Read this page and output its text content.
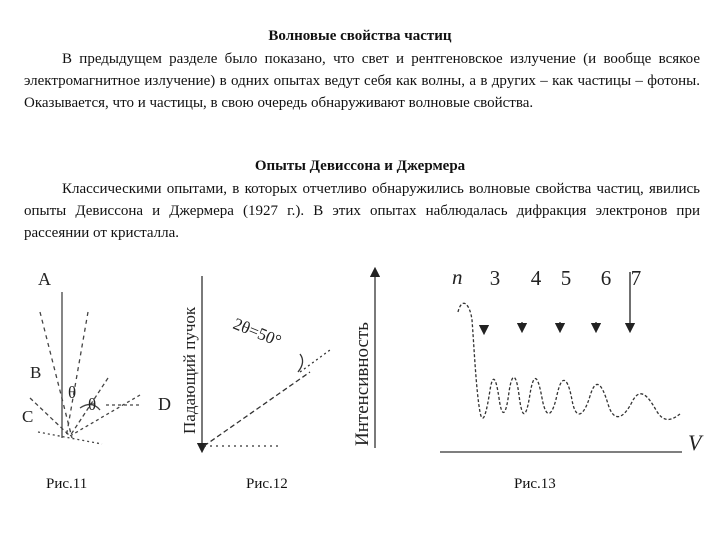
Волновые свойства частиц

В предыдущем разделе было показано, что свет и рентгеновское излучение (и вообще всякое электромагнитное излучение) в одних опытах ведут себя как волны, а в других – как частицы – фотоны. Оказывается, что и частицы, в свою очередь обнаруживают волновые свойства.

Опыты Девиссона и Джермера

Классическими опытами, в которых отчетливо обнаружились волновые свойства частиц, явились опыты Девиссона и Джермера (1927 г.). В этих опытах наблюдалась дифракция электронов при рассеянии от кристалла.

A
B
C
D
θ
θ	Падающий пучок 2θ=50°	Интенсивность
n
V
3 4 5 6 7
Рис.11	Рис.12	Рис.13
